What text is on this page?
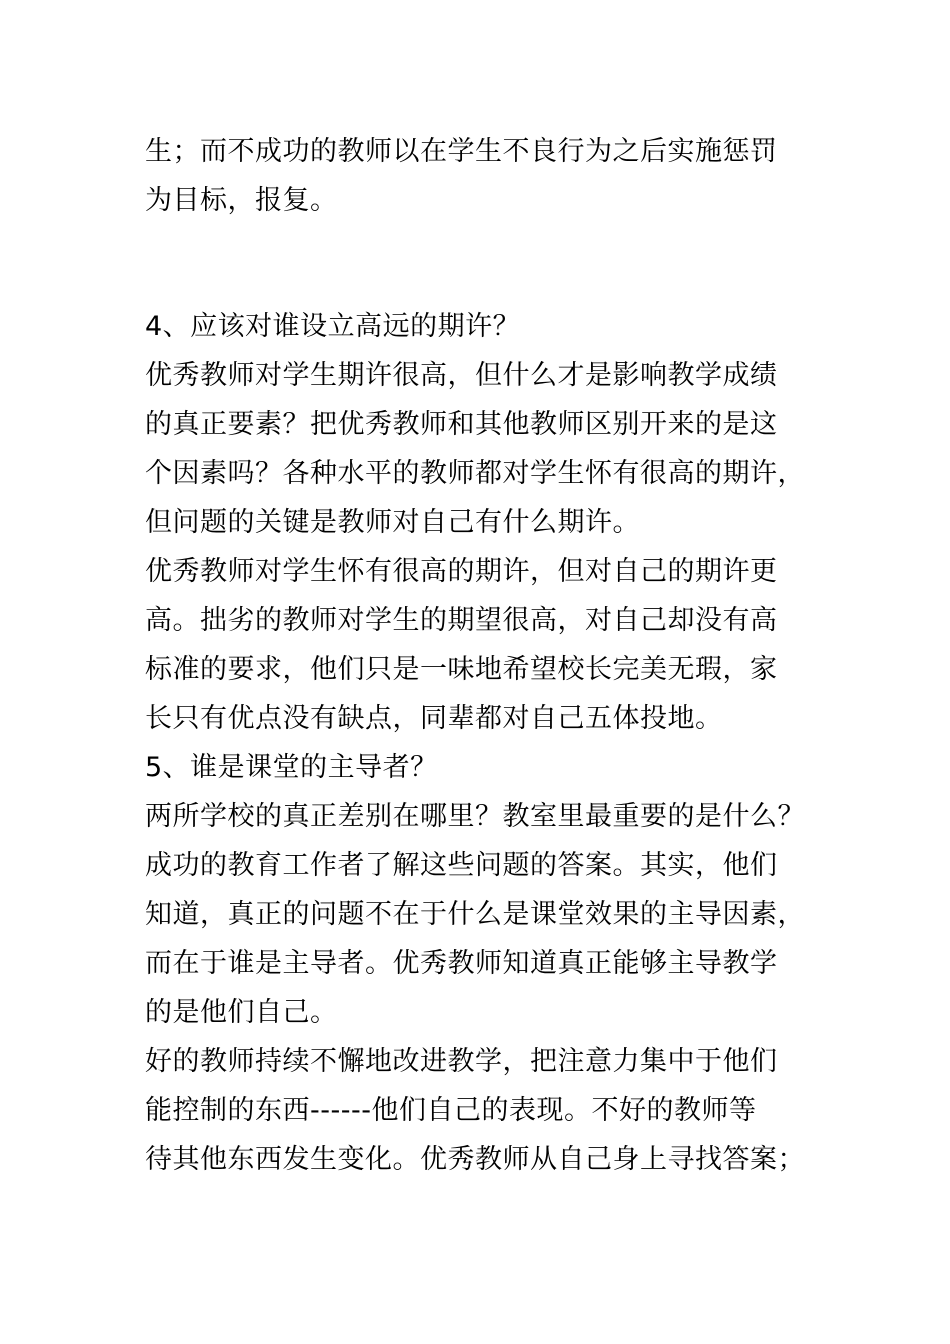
生；而不成功的教师以在学生不良行为之后实施惩罚
为目标，报复。
4、应该对谁设立高远的期许？
优秀教师对学生期许很高，但什么才是影响教学成绩
的真正要素？把优秀教师和其他教师区别开来的是这
个因素吗？各种水平的教师都对学生怀有很高的期许，
但问题的关键是教师对自己有什么期许。
优秀教师对学生怀有很高的期许，但对自己的期许更
高。拙劣的教师对学生的期望很高，对自己却没有高
标准的要求，他们只是一味地希望校长完美无瑕，家
长只有优点没有缺点，同辈都对自己五体投地。
5、谁是课堂的主导者？
两所学校的真正差别在哪里？教室里最重要的是什么？
成功的教育工作者了解这些问题的答案。其实，他们
知道，真正的问题不在于什么是课堂效果的主导因素，
而在于谁是主导者。优秀教师知道真正能够主导教学
的是他们自己。
好的教师持续不懈地改进教学，把注意力集中于他们
能控制的东西------他们自己的表现。不好的教师等
待其他东西发生变化。优秀教师从自己身上寻找答案；
